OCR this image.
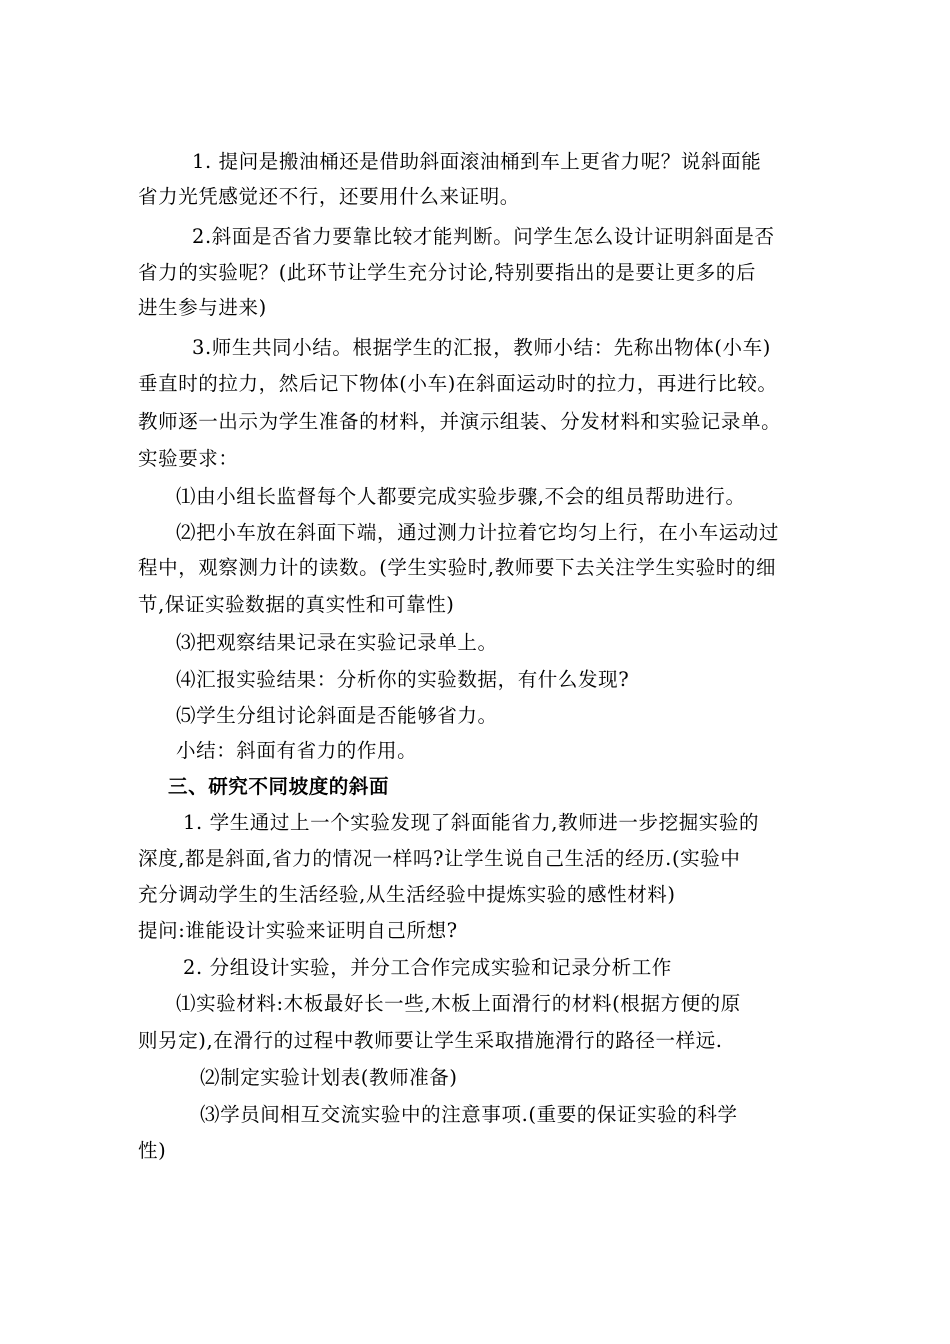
1. 提问是搬油桶还是借助斜面滚油桶到车上更省力呢？说斜面能
省力光凭感觉还不行，还要用什么来证明。
2.斜面是否省力要靠比较才能判断。问学生怎么设计证明斜面是否
省力的实验呢？(此环节让学生充分讨论,特别要指出的是要让更多的后
进生参与进来)
3.师生共同小结。根据学生的汇报，教师小结：先称出物体(小车)
垂直时的拉力，然后记下物体(小车)在斜面运动时的拉力，再进行比较。
教师逐一出示为学生准备的材料，并演示组装、分发材料和实验记录单。
实验要求：
⑴由小组长监督每个人都要完成实验步骤,不会的组员帮助进行。
⑵把小车放在斜面下端，通过测力计拉着它均匀上行，在小车运动过
程中，观察测力计的读数。(学生实验时,教师要下去关注学生实验时的细
节,保证实验数据的真实性和可靠性)
⑶把观察结果记录在实验记录单上。
⑷汇报实验结果：分析你的实验数据，有什么发现?
⑸学生分组讨论斜面是否能够省力。
小结：斜面有省力的作用。
三、研究不同坡度的斜面
1. 学生通过上一个实验发现了斜面能省力,教师进一步挖掘实验的
深度,都是斜面,省力的情况一样吗?让学生说自己生活的经历.(实验中
充分调动学生的生活经验,从生活经验中提炼实验的感性材料)
提问:谁能设计实验来证明自己所想?
2. 分组设计实验，并分工合作完成实验和记录分析工作
⑴实验材料:木板最好长一些,木板上面滑行的材料(根据方便的原
则另定),在滑行的过程中教师要让学生采取措施滑行的路径一样远.
⑵制定实验计划表(教师准备)
⑶学员间相互交流实验中的注意事项.(重要的保证实验的科学
性)
